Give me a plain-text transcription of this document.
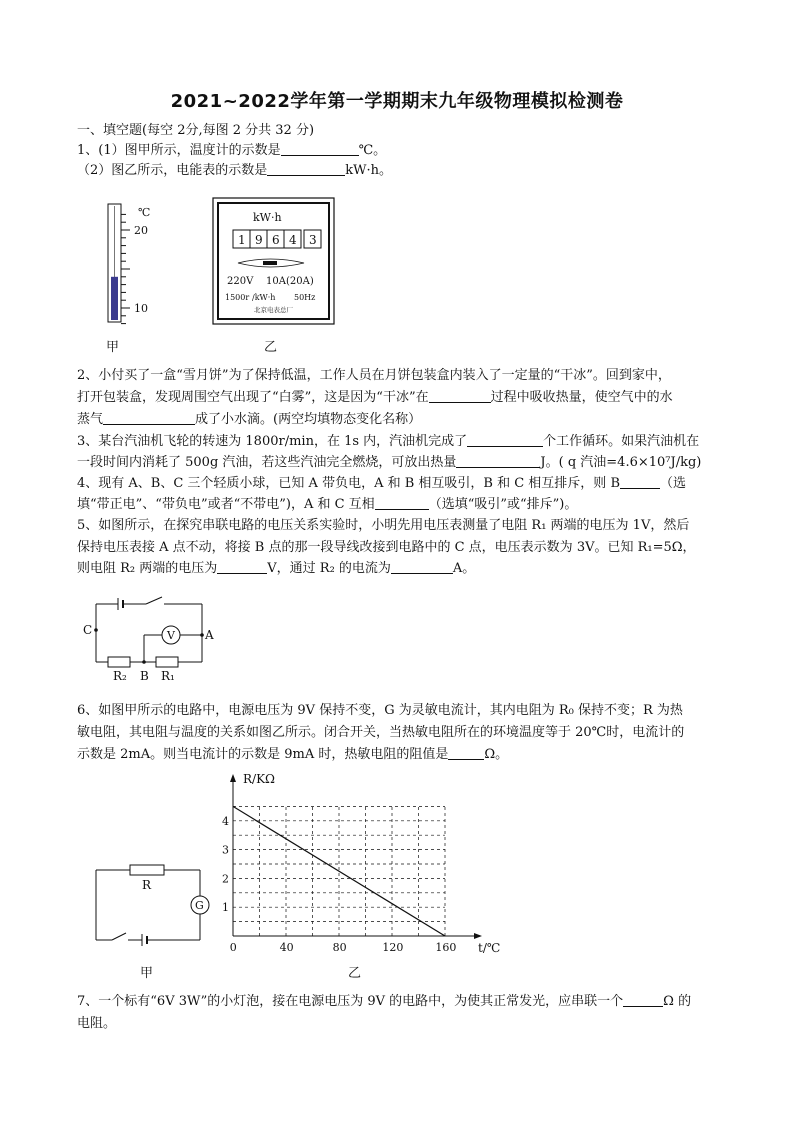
2021~2022学年第一学期期末九年级物理模拟检测卷
一、填空题(每空 2分,每图 2 分共 32 分)
1、(1）图甲所示，温度计的示数是	℃。
（2）图乙所示，电能表的示数是	kW·h。
℃
20
10
kW·h
1 9 6 4 3
220V    10A(20A)
1500r /kW·h 50Hz
北京电表总厂
甲	乙
2、小付买了一盒“雪月饼”为了保持低温，工作人员在月饼包装盒内装入了一定量的“干冰”。回到家中，
打开包装盒，发现周围空气出现了“白雾”，这是因为“干冰”在	过程中吸收热量，使空气中的水
蒸气	成了小水滴。(两空均填物态变化名称）
3、某台汽油机飞轮的转速为 1800r/min，在 1s 内，汽油机完成了	个工作循环。如果汽油机在
一段时间内消耗了 500g 汽油，若这些汽油完全燃烧，可放出热量	J。( q 汽油=4.6×10⁷J/kg)
4、现有 A、B、C 三个轻质小球，已知 A 带负电，A 和 B 相互吸引，B 和 C 相互排斥，则 B	（选
填“带正电”、“带负电”或者“不带电”)，A 和 C 互相	（选填“吸引”或“排斥”)。
5、如图所示，在探究串联电路的电压关系实验时，小明先用电压表测量了电阻 R₁ 两端的电压为 1V，然后
保持电压表接 A 点不动，将接 B 点的那一段导线改接到电路中的 C 点，电压表示数为 3V。已知 R₁=5Ω，
则电阻 R₂ 两端的电压为	V，通过 R₂ 的电流为	A。
V
C	A
B
R₂	R₁
6、如图甲所示的电路中，电源电压为 9V 保持不变，G 为灵敏电流计，其内电阻为 R₀ 保持不变；R 为热
敏电阻，其电阻与温度的关系如图乙所示。闭合开关，当热敏电阻所在的环境温度等于 20℃时，电流计的
示数是 2mA。则当电流计的示数是 9mA 时，热敏电阻的阻值是	Ω。
R
G
甲
0	40	80	120	160
1
2
3
4
R/KΩ
t/℃
乙
7、一个标有“6V 3W”的小灯泡，接在电源电压为 9V 的电路中，为使其正常发光，应串联一个	Ω 的
电阻。
